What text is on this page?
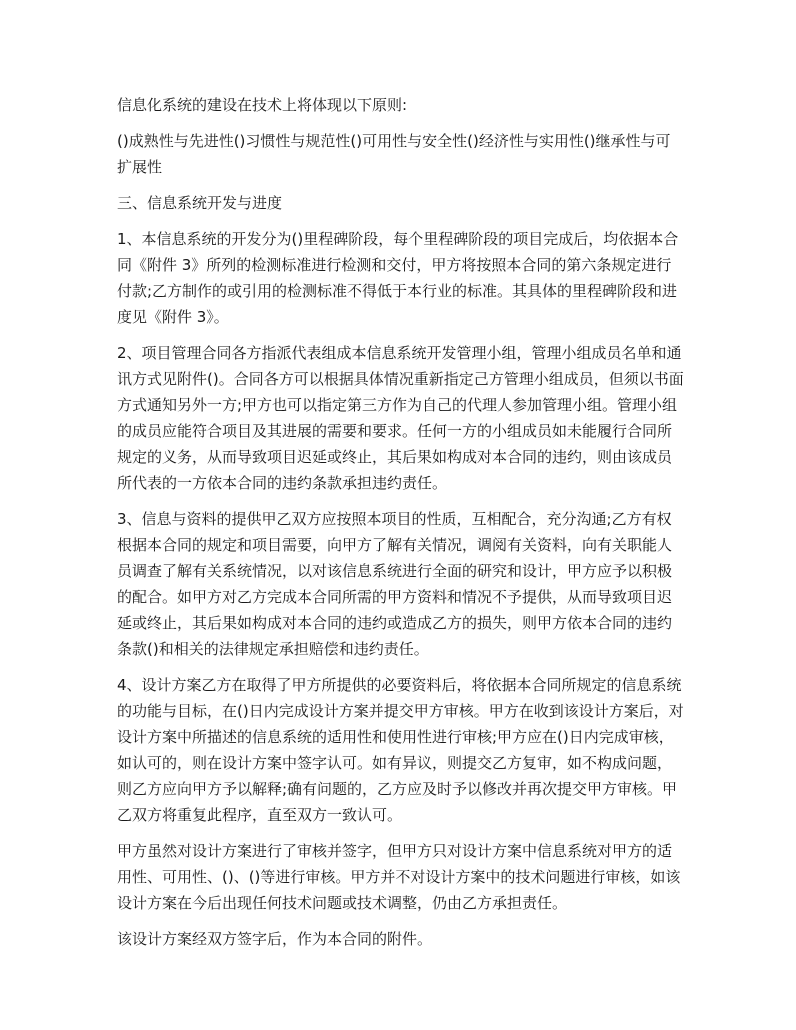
信息化系统的建设在技术上将体现以下原则:

()成熟性与先进性()习惯性与规范性()可用性与安全性()经济性与实用性()继承性与可扩展性

三、信息系统开发与进度

1、本信息系统的开发分为()里程碑阶段，每个里程碑阶段的项目完成后，均依据本合同《附件 3》所列的检测标准进行检测和交付，甲方将按照本合同的第六条规定进行付款;乙方制作的或引用的检测标准不得低于本行业的标准。其具体的里程碑阶段和进度见《附件 3》。

2、项目管理合同各方指派代表组成本信息系统开发管理小组，管理小组成员名单和通讯方式见附件()。合同各方可以根据具体情况重新指定己方管理小组成员，但须以书面方式通知另外一方;甲方也可以指定第三方作为自己的代理人参加管理小组。管理小组的成员应能符合项目及其进展的需要和要求。任何一方的小组成员如未能履行合同所规定的义务，从而导致项目迟延或终止，其后果如构成对本合同的违约，则由该成员所代表的一方依本合同的违约条款承担违约责任。

3、信息与资料的提供甲乙双方应按照本项目的性质，互相配合，充分沟通;乙方有权根据本合同的规定和项目需要，向甲方了解有关情况，调阅有关资料，向有关职能人员调查了解有关系统情况，以对该信息系统进行全面的研究和设计，甲方应予以积极的配合。如甲方对乙方完成本合同所需的甲方资料和情况不予提供，从而导致项目迟延或终止，其后果如构成对本合同的违约或造成乙方的损失，则甲方依本合同的违约条款()和相关的法律规定承担赔偿和违约责任。

4、设计方案乙方在取得了甲方所提供的必要资料后，将依据本合同所规定的信息系统的功能与目标，在()日内完成设计方案并提交甲方审核。甲方在收到该设计方案后，对设计方案中所描述的信息系统的适用性和使用性进行审核;甲方应在()日内完成审核，如认可的，则在设计方案中签字认可。如有异议，则提交乙方复审，如不构成问题，则乙方应向甲方予以解释;确有问题的，乙方应及时予以修改并再次提交甲方审核。甲乙双方将重复此程序，直至双方一致认可。

甲方虽然对设计方案进行了审核并签字，但甲方只对设计方案中信息系统对甲方的适用性、可用性、()、()等进行审核。甲方并不对设计方案中的技术问题进行审核，如该设计方案在今后出现任何技术问题或技术调整，仍由乙方承担责任。

该设计方案经双方签字后，作为本合同的附件。
